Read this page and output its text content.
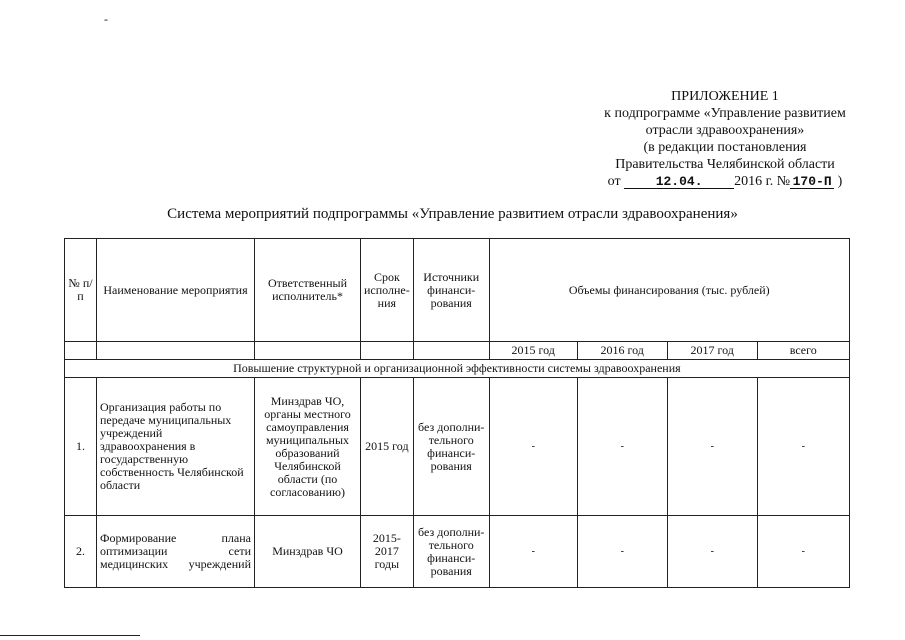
-
ПРИЛОЖЕНИЕ 1
к подпрограмме «Управление развитием
отрасли здравоохранения»
(в редакции постановления
Правительства Челябинской области
от	12.04. 2016 г. № 170-П )
Система мероприятий подпрограммы «Управление развитием отрасли здравоохранения»
№ п/п	Наименование мероприятия	Ответственный исполнитель*	Срок исполне-ния	Источники финанси-рования	Объемы финансирования (тыс. рублей)			
					2015 год	2016 год	2017 год	всего
Повышение структурной и организационной эффективности системы здравоохранения								
1.	Организация работы по передаче муниципальных учреждений здравоохранения в государственную собственность Челябинской области	Минздрав ЧО, органы местного самоуправления муниципальных образований Челябинской области (по согласованию)	2015 год	без дополни-тельного финанси-рования	-	-	-	-
2.	Формирование плана оптимизации сети медицинских учреждений	Минздрав ЧО	2015-2017 годы	без дополни-тельного финанси-рования	-	-	-	-
